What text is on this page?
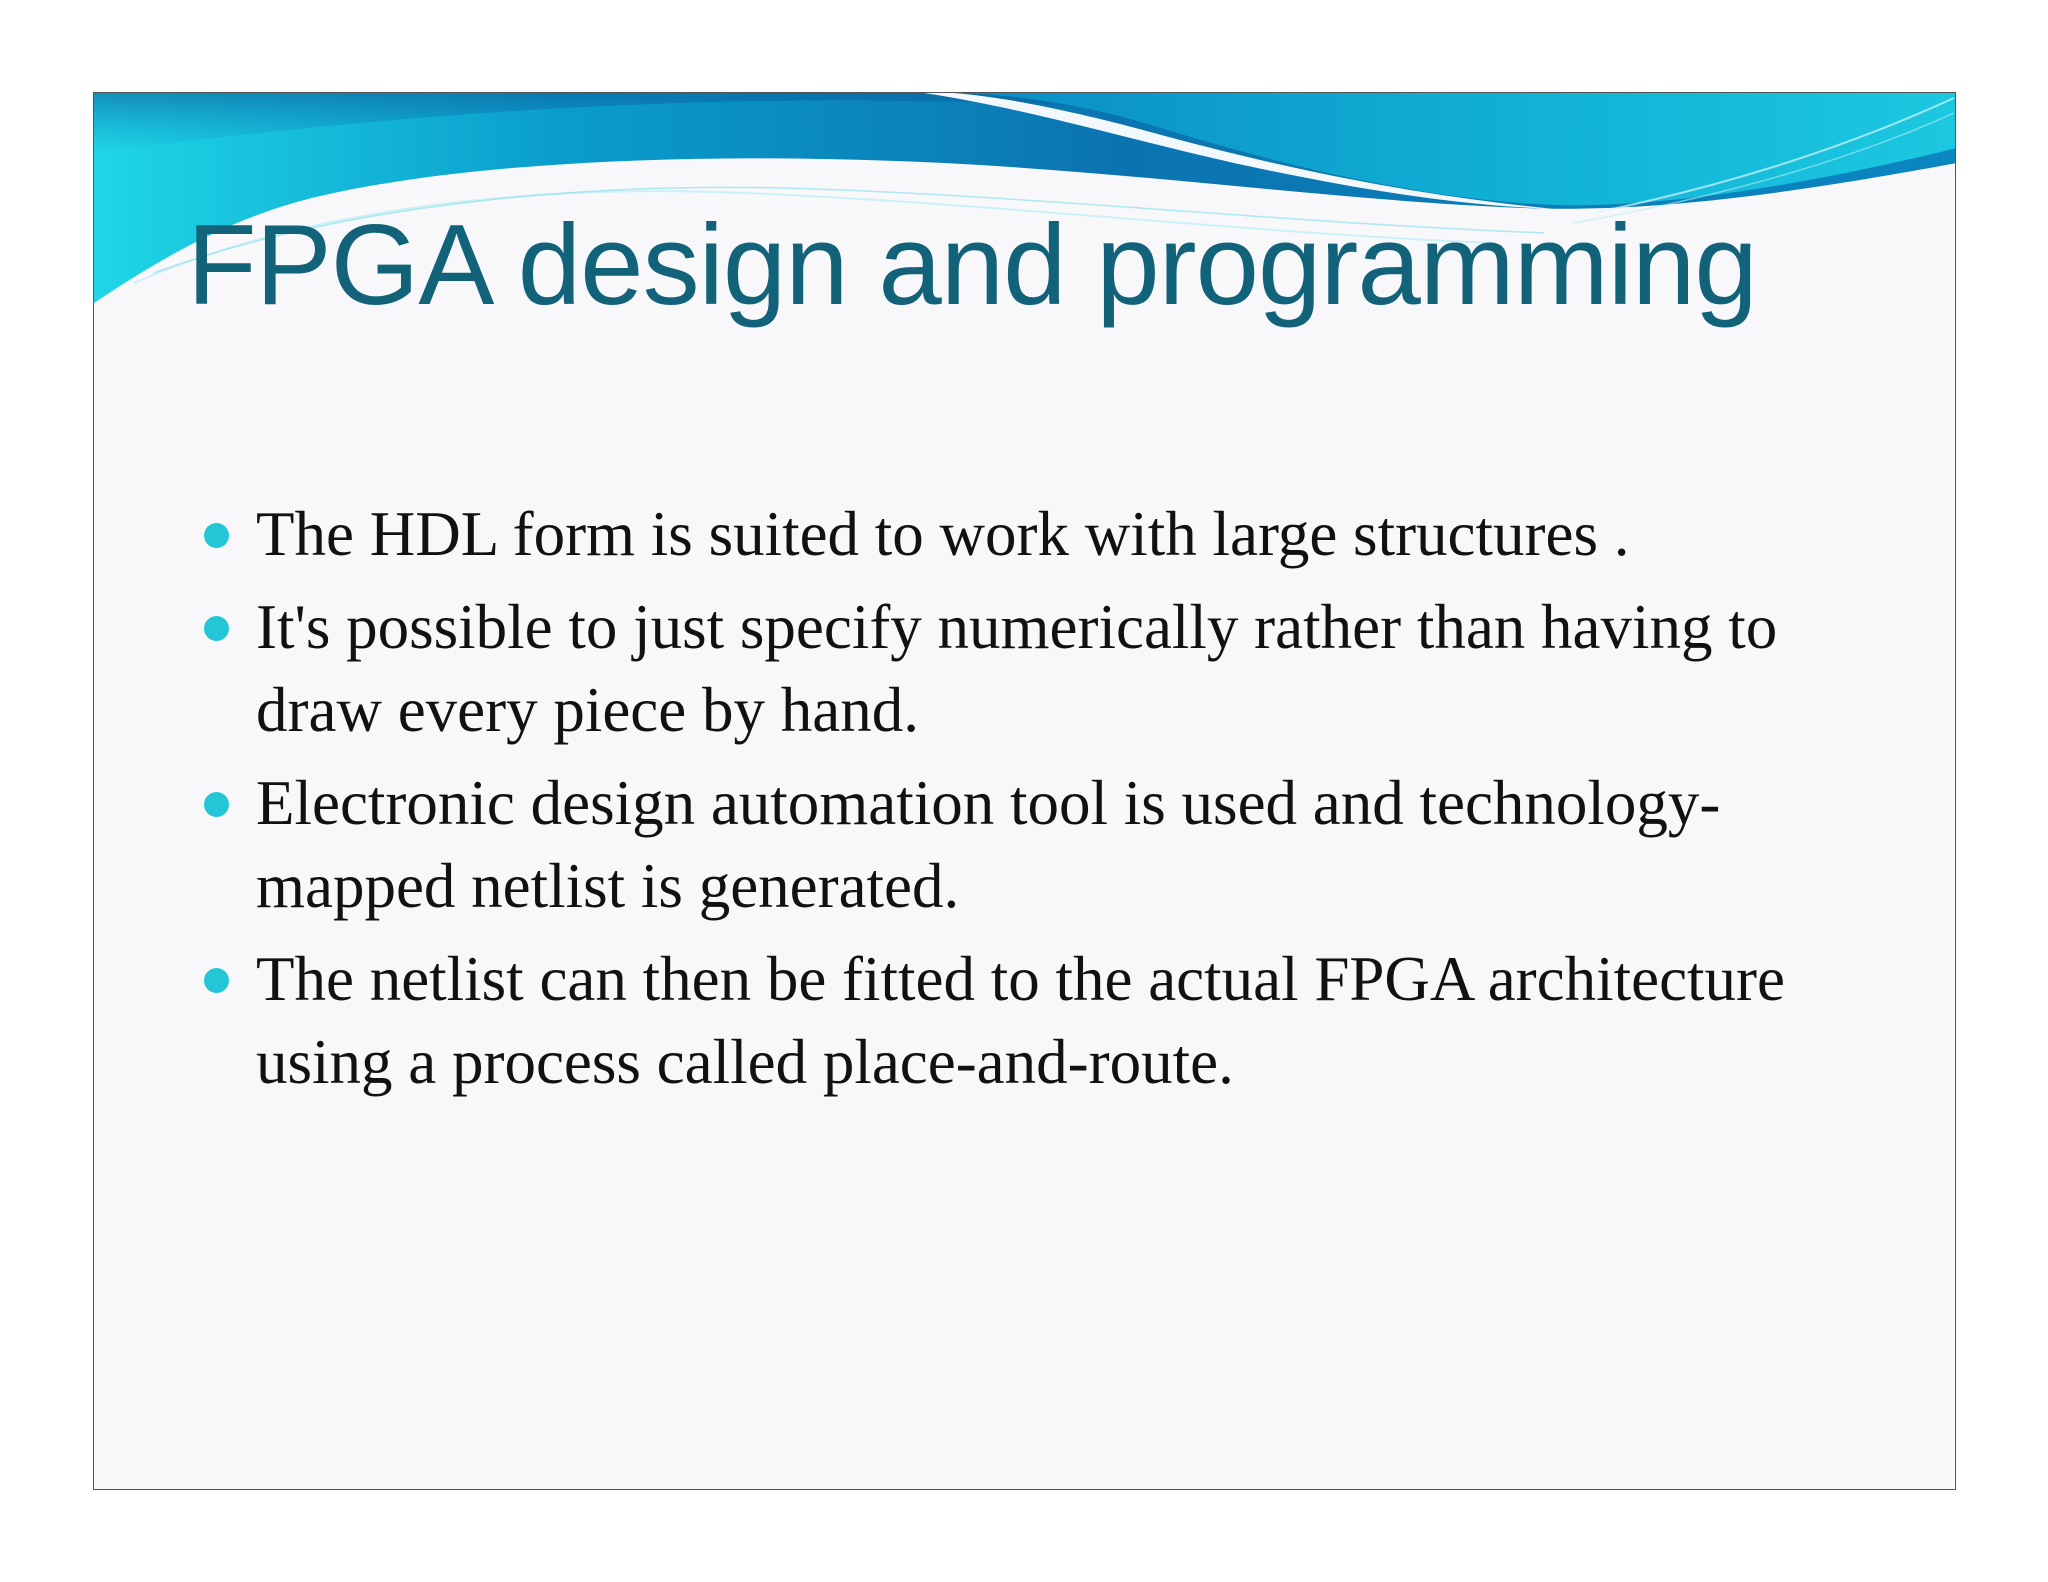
FPGA design and programming
The HDL form is suited to work with large structures .
It's possible to just specify numerically rather than having to draw every piece by hand.
Electronic design automation tool is used and technology-mapped netlist is generated.
The netlist can then be fitted to the actual FPGA architecture using a process called place-and-route.
